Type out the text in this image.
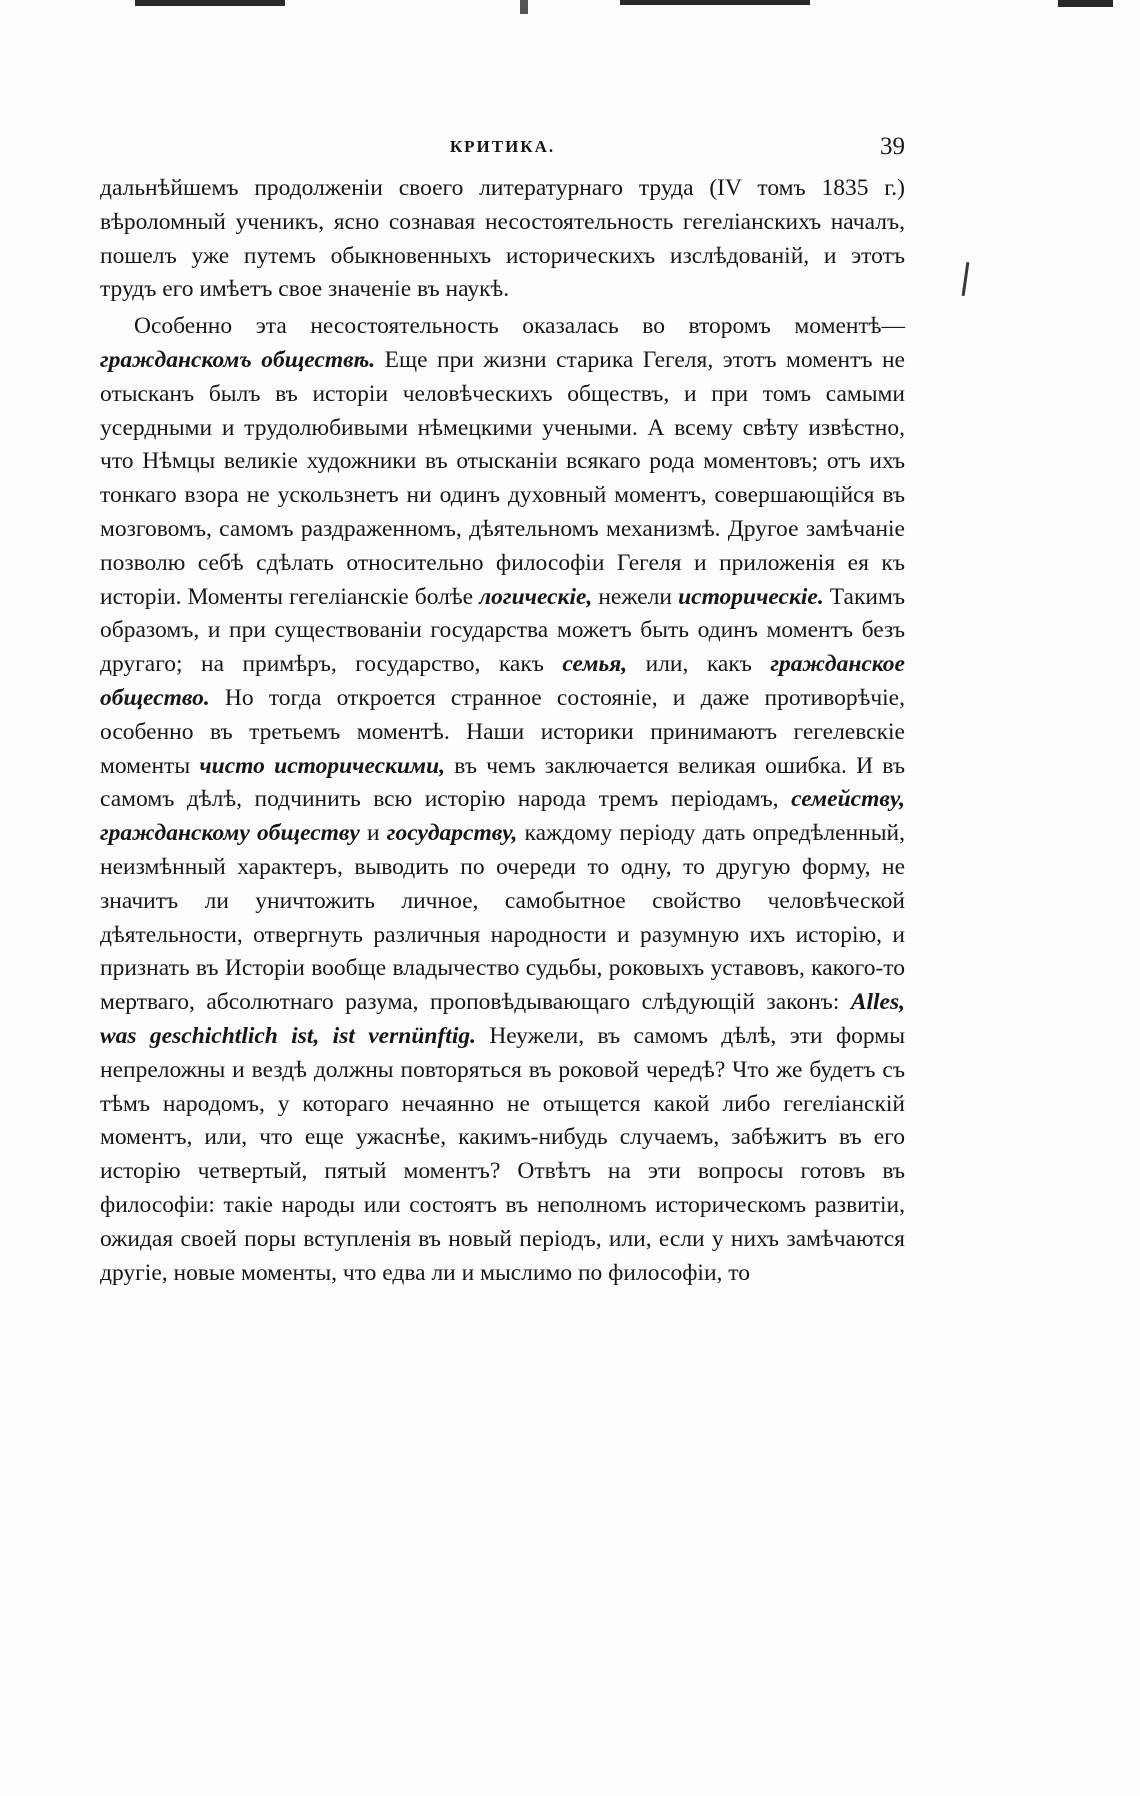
КРИТИКА.	39

дальнѣйшемъ продолженіи своего литературнаго труда (IV томъ 1835 г.) вѣроломный ученикъ, ясно сознавая несостоятельность гегеліанскихъ началъ, пошелъ уже путемъ обыкновенныхъ историческихъ изслѣдованій, и этотъ трудъ его имѣетъ свое значеніе въ наукѣ.

Особенно эта несостоятельность оказалась во второмъ моментѣ— гражданскомъ обществѣ. Еще при жизни старика Гегеля, этотъ моментъ не отысканъ былъ въ исторіи человѣческихъ обществъ, и при томъ самыми усердными и трудолюбивыми нѣмецкими учеными. А всему свѣту извѣстно, что Нѣмцы великіе художники въ отысканіи всякаго рода моментовъ; отъ ихъ тонкаго взора не ускользнетъ ни одинъ духовный моментъ, совершающійся въ мозговомъ, самомъ раздраженномъ, дѣятельномъ механизмѣ. Другое замѣчаніе позволю себѣ сдѣлать относительно философіи Гегеля и приложенія ея къ исторіи. Моменты гегеліанскіе болѣе логическіе, нежели историческіе. Такимъ образомъ, и при существованіи государства можетъ быть одинъ моментъ безъ другаго; на примѣръ, государство, какъ семья, или, какъ гражданское общество. Но тогда откроется странное состояніе, и даже противорѣчіе, особенно въ третьемъ моментѣ. Наши историки принимаютъ гегелевскіе моменты чисто историческими, въ чемъ заключается великая ошибка. И въ самомъ дѣлѣ, подчинить всю исторію народа тремъ періодамъ, семейству, гражданскому обществу и государству, каждому періоду дать опредѣленный, неизмѣнный характеръ, выводить по очереди то одну, то другую форму, не значитъ ли уничтожить личное, самобытное свойство человѣческой дѣятельности, отвергнуть различныя народности и разумную ихъ исторію, и признать въ Исторіи вообще владычество судьбы, роковыхъ уставовъ, какого-то мертваго, абсолютнаго разума, проповѣдывающаго слѣдующій законъ: Alles, was geschichtlich ist, ist vernünftig. Неужели, въ самомъ дѣлѣ, эти формы непреложны и вездѣ должны повторяться въ роковой чередѣ? Что же будетъ съ тѣмъ народомъ, у котораго нечаянно не отыщется какой либо гегеліанскій моментъ, или, что еще ужаснѣе, какимъ-нибудь случаемъ, забѣжитъ въ его исторію четвертый, пятый моментъ? Отвѣтъ на эти вопросы готовъ въ философіи: такіе народы или состоятъ въ неполномъ историческомъ развитіи, ожидая своей поры вступленія въ новый періодъ, или, если у нихъ замѣчаются другіе, новые моменты, что едва ли и мыслимо по философіи, то
